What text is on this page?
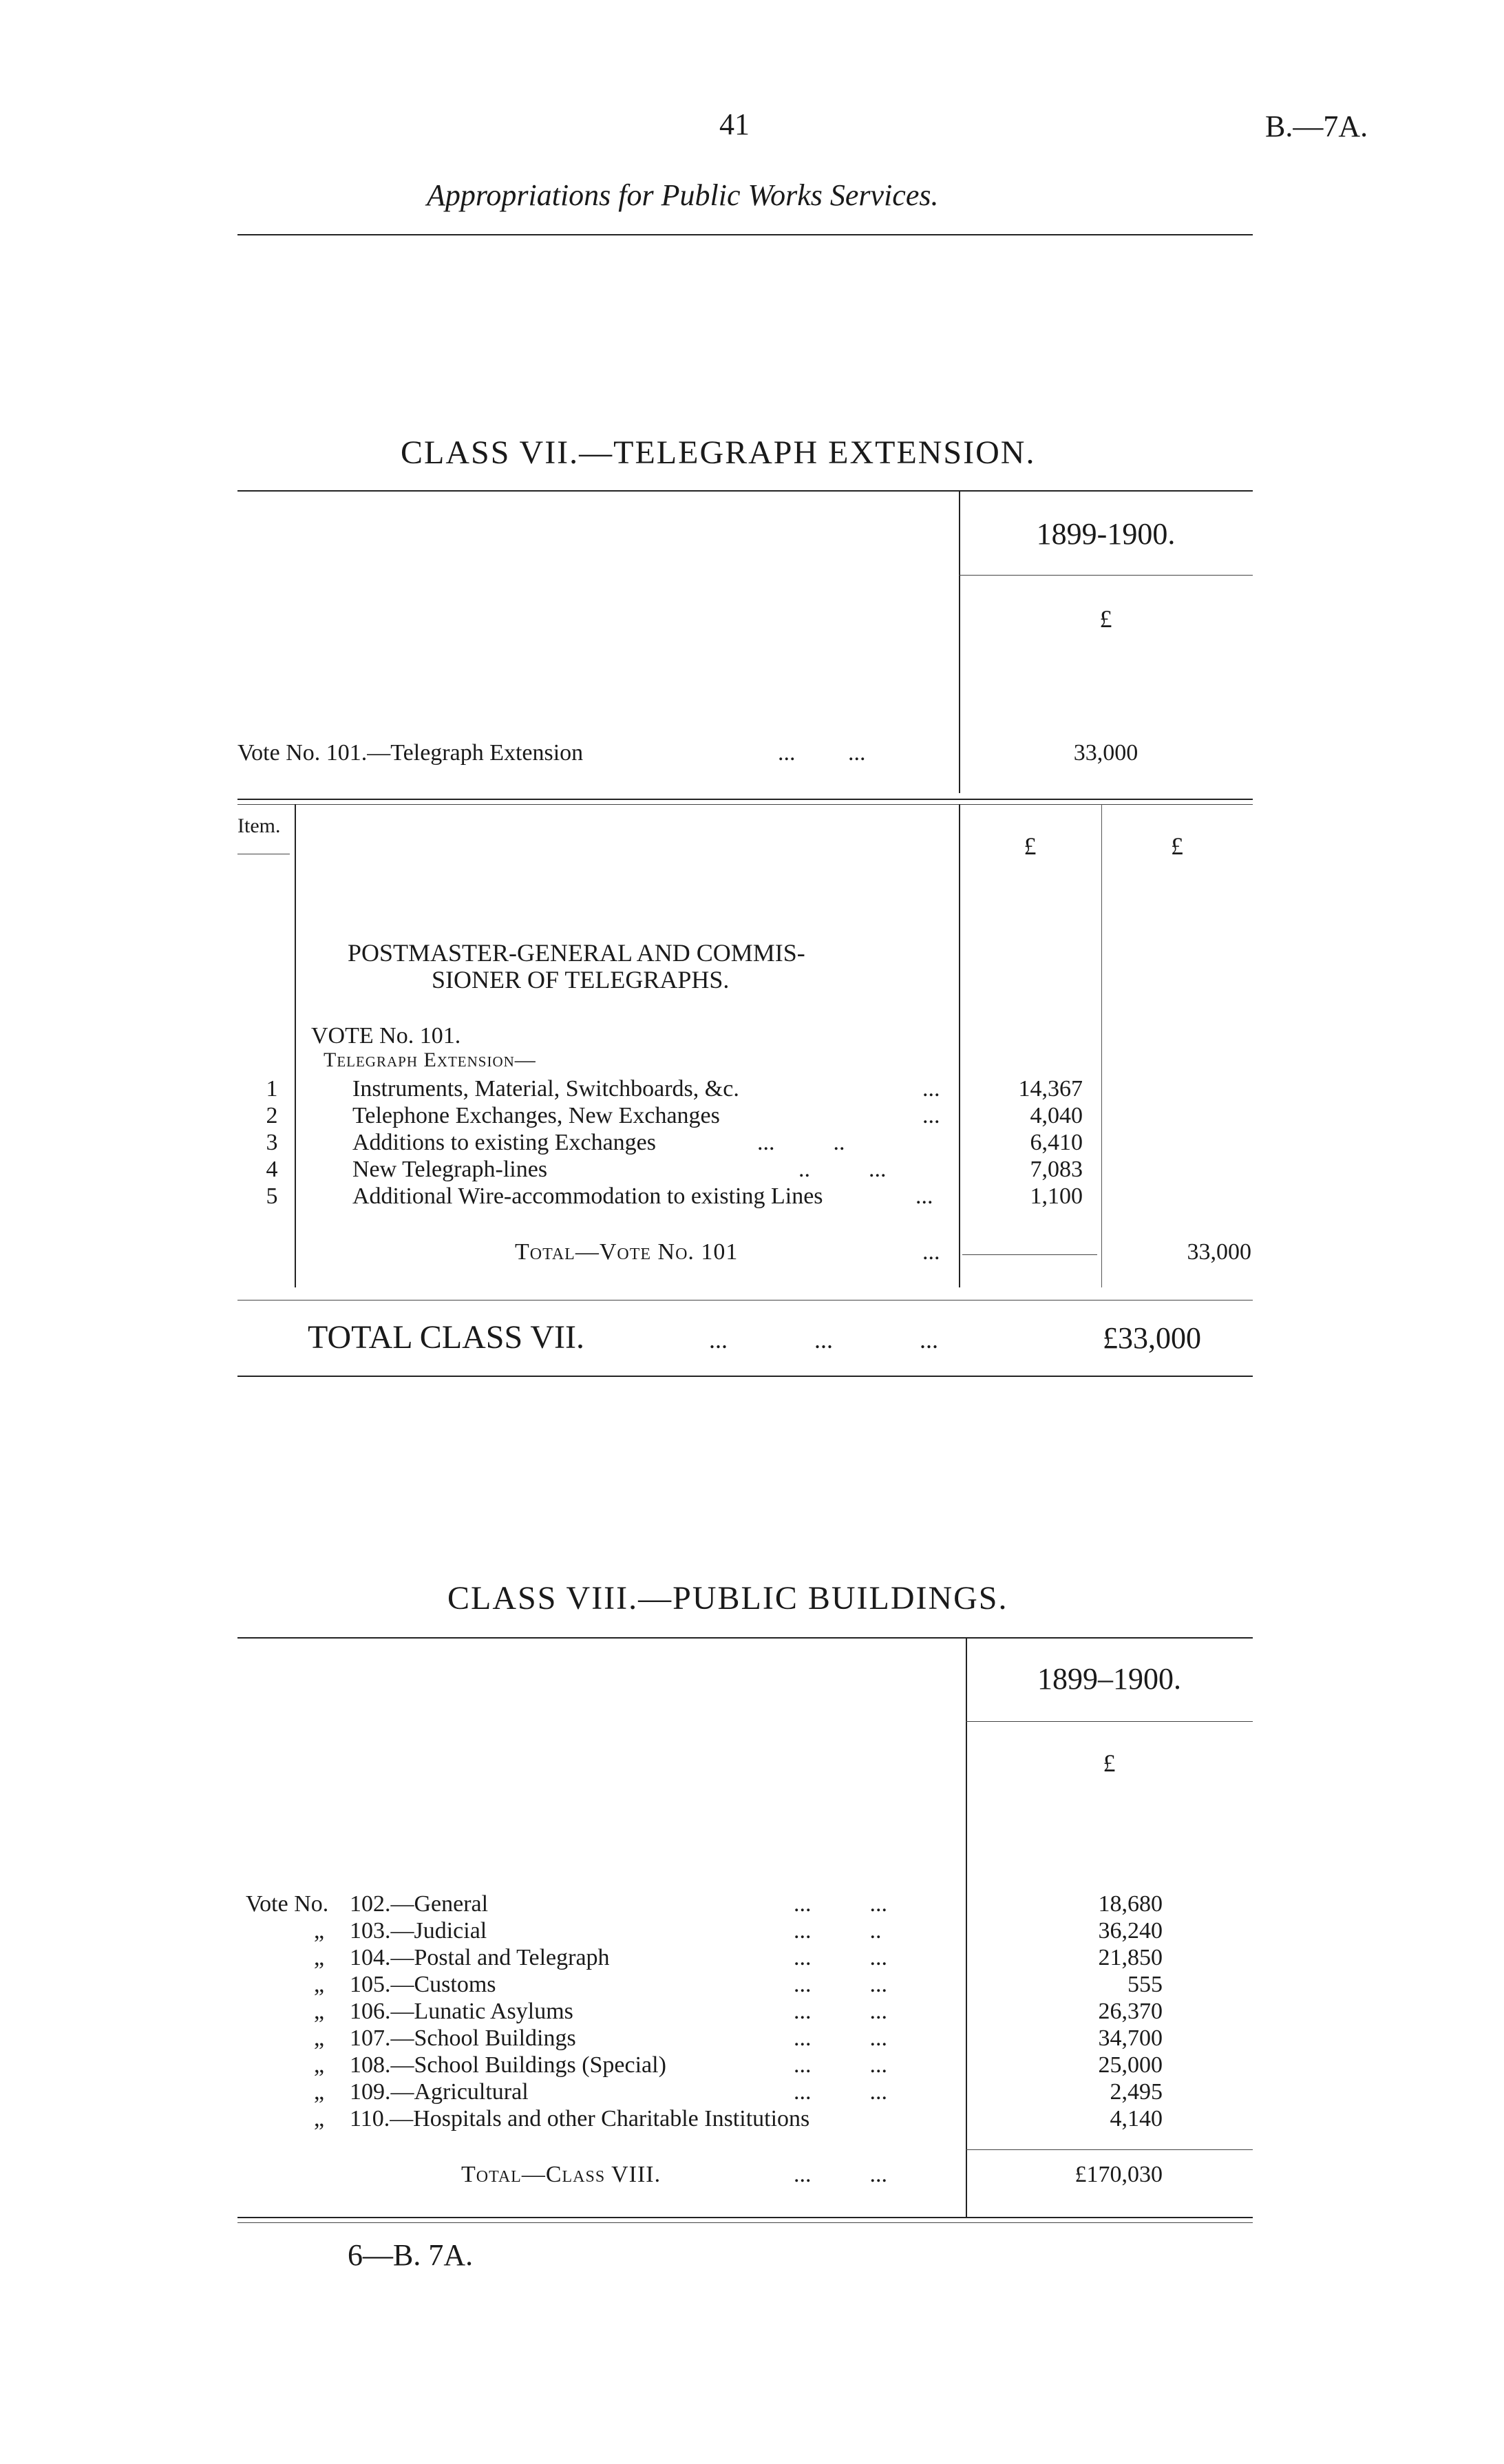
41	B.—7A.
Appropriations for Public Works Services.
CLASS VII.—TELEGRAPH EXTENSION.
1899-1900.
£
Vote No. 101.—Telegraph Extension	...         ...	33,000
Item.
£	£
POSTMASTER-GENERAL AND COMMIS-
SIONER OF TELEGRAPHS.
VOTE No. 101.
Telegraph Extension—
1	Instruments, Material, Switchboards, &c.	...	14,367
2	Telephone Exchanges, New Exchanges	...	4,040
3	Additions to existing Exchanges	...          ..	6,410
4	New Telegraph-lines	..          ...	7,083
5	Additional Wire-accommodation to existing Lines	...	1,100
Total—Vote No. 101	...	33,000
TOTAL CLASS VII.	...              ...              ...	£33,000
CLASS VIII.—PUBLIC BUILDINGS.
1899–1900.
£
Vote No. 102.—General	...          ...	18,680
„ 103.—Judicial	...          ..	36,240
„ 104.—Postal and Telegraph	...          ...	21,850
„ 105.—Customs	...          ...	555
„ 106.—Lunatic Asylums	...          ...	26,370
„ 107.—School Buildings	...          ...	34,700
„ 108.—School Buildings (Special)	...          ...	25,000
„ 109.—Agricultural	...          ...	2,495
„ 110.—Hospitals and other Charitable Institutions	4,140
Total—Class VIII.	...          ...	£170,030
6—B. 7A.
